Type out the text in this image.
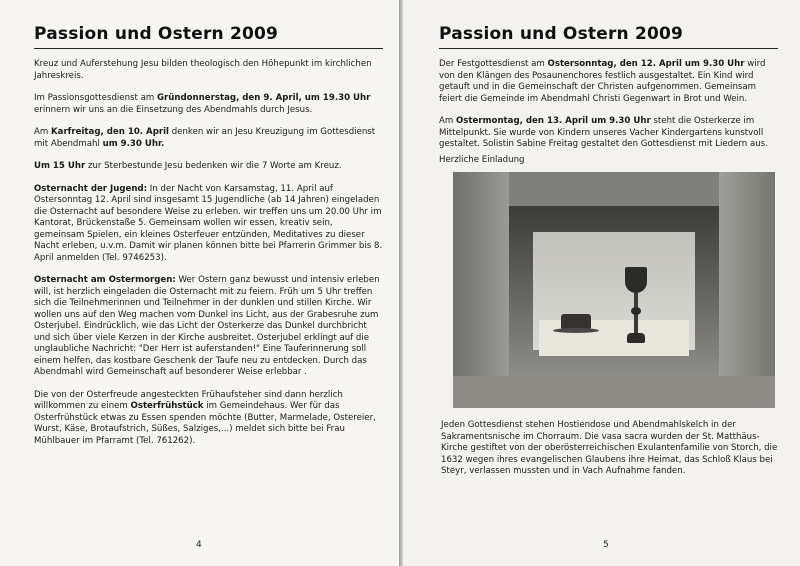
Passion und Ostern 2009

Kreuz und Auferstehung Jesu bilden theologisch den Höhepunkt im kirchlichen Jahreskreis.

Im Passionsgottesdienst am Gründonnerstag, den 9. April, um 19.30 Uhr erinnern wir uns an die Einsetzung des Abendmahls durch Jesus.

Am Karfreitag, den 10. April denken wir an Jesu Kreuzigung im Gottesdienst mit Abendmahl um 9.30 Uhr.

Um 15 Uhr zur Sterbestunde Jesu bedenken wir die 7 Worte am Kreuz.

Osternacht der Jugend: In der Nacht von Karsamstag, 11. April auf Ostersonntag 12. April sind insgesamt 15 Jugendliche (ab 14 Jahren) eingeladen die Osternacht auf besondere Weise zu erleben. wir treffen uns um 20.00 Uhr im Kantorat, Brückenstaße 5. Gemeinsam wollen wir essen, kreativ sein, gemeinsam Spielen, ein kleines Osterfeuer entzünden, Meditatives zu dieser Nacht erleben, u.v.m. Damit wir planen können bitte bei Pfarrerin Grimmer bis 8. April anmelden (Tel. 9746253).

Osternacht am Ostermorgen: Wer Ostern ganz bewusst und intensiv erleben will, ist herzlich eingeladen die Osternacht mit zu feiern. Früh um 5 Uhr treffen sich die Teilnehmerinnen und Teilnehmer in der dunklen und stillen Kirche. Wir wollen uns auf den Weg machen vom Dunkel ins Licht, aus der Grabesruhe zum Osterjubel. Eindrücklich, wie das Licht der Osterkerze das Dunkel durchbricht und sich über viele Kerzen in der Kirche ausbreitet. Osterjubel erklingt auf die unglaubliche Nachricht: "Der Herr ist auferstanden!" Eine Tauferinnerung soll einem helfen, das kostbare Geschenk der Taufe neu zu entdecken. Durch das Abendmahl wird Gemeinschaft auf besonderer Weise erlebbar .

Die von der Osterfreude angesteckten Frühaufsteher sind dann herzlich willkommen zu einem Osterfrühstück im Gemeindehaus. Wer für das Osterfrühstück etwas zu Essen spenden möchte (Butter, Marmelade, Ostereier, Wurst, Käse, Brotaufstrich, Süßes, Salziges,...) meldet sich bitte bei Frau Mühlbauer im Pfarramt (Tel. 761262).

4
Passion und Ostern 2009

Der Festgottesdienst am Ostersonntag, den 12. April um 9.30 Uhr wird von den Klängen des Posaunenchores festlich ausgestaltet. Ein Kind wird getauft und in die Gemeinschaft der Christen aufgenommen. Gemeinsam feiert die Gemeinde im Abendmahl Christi Gegenwart in Brot und Wein.

Am Ostermontag, den 13. April um 9.30 Uhr steht die Osterkerze im Mittelpunkt. Sie wurde von Kindern unseres Vacher Kindergartens kunstvoll gestaltet. Solistin Sabine Freitag gestaltet den Gottesdienst mit Liedern aus.

Herzliche Einladung

Jeden Gottesdienst stehen Hostiendose und Abendmahlskelch in der Sakramentsnische im Chorraum. Die vasa sacra wurden der St. Matthäus-Kirche gestiftet von der oberösterreichischen Exulantenfamilie von Storch, die 1632 wegen ihres evangelischen Glaubens ihre Heimat, das Schloß Klaus bei Steyr, verlassen mussten und in Vach Aufnahme fanden.

5
